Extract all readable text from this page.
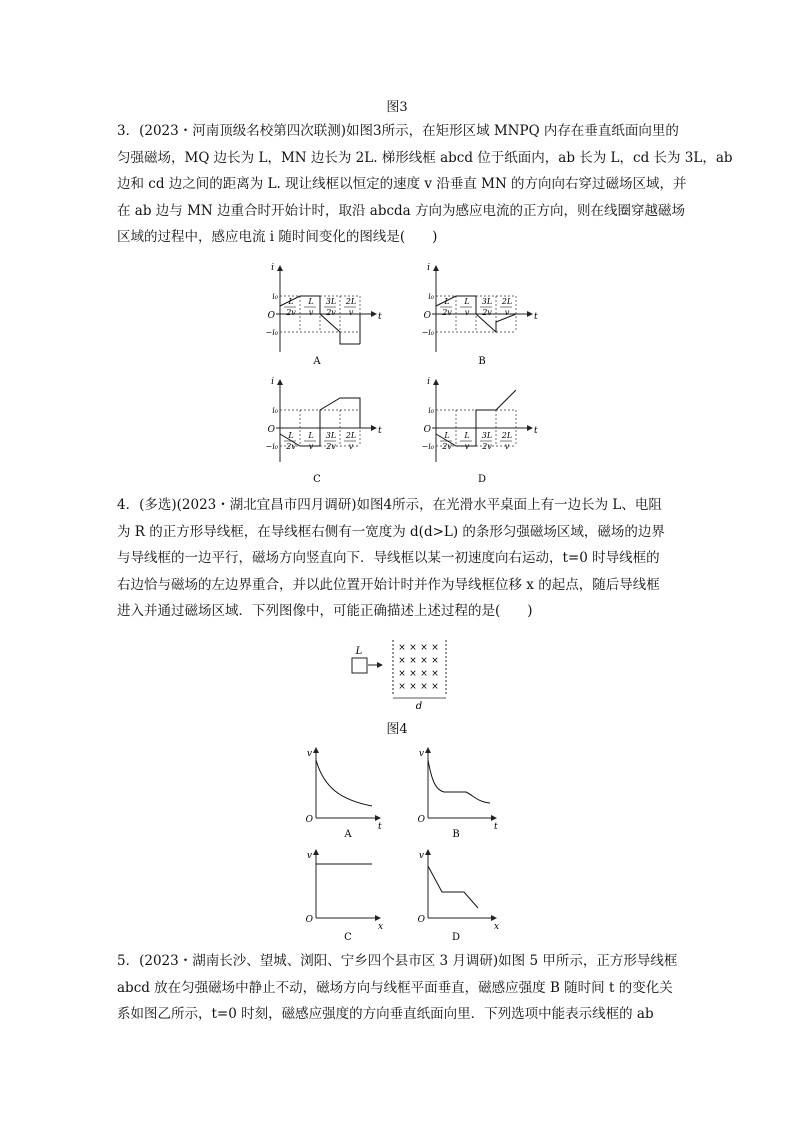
图3
3．(2023・河南顶级名校第四次联测)如图3所示，在矩形区域 MNPQ 内存在垂直纸面向里的
匀强磁场，MQ 边长为 L，MN 边长为 2L. 梯形线框 abcd 位于纸面内，ab 长为 L，cd 长为 3L，ab
边和 cd 边之间的距离为 L. 现让线框以恒定的速度 v 沿垂直 MN 的方向向右穿过磁场区域，并
在 ab 边与 MN 边重合时开始计时，取沿 abcda 方向为感应电流的正方向，则在线圈穿越磁场
区域的过程中，感应电流 i 随时间变化的图线是(　　)
i
t
O
i₀
−i₀
L
2v
L
v
3L
2v
2L
v
A
i
t
O
i₀
−i₀
L
2v
L
v
3L
2v
2L
v
B
i
t
O
i₀
−i₀
L
2v
L
v
3L
2v
2L
v
C
i
t
O
i₀
−i₀
L
2v
L
v
3L
2v
2L
v
D
4．(多选)(2023・湖北宜昌市四月调研)如图4所示，在光滑水平桌面上有一边长为 L、电阻
为 R 的正方形导线框，在导线框右侧有一宽度为 d(d>L) 的条形匀强磁场区域，磁场的边界
与导线框的一边平行，磁场方向竖直向下．导线框以某一初速度向右运动，t=0 时导线框的
右边恰与磁场的左边界重合，并以此位置开始计时并作为导线框位移 x 的起点，随后导线框
进入并通过磁场区域．下列图像中，可能正确描述上述过程的是(　　)
L	× × × ×
× × × ×
× × × ×
× × × ×
d
图4
v
t
O
A
v
t
O
B
v
x
O
C
v
x
O
D
5．(2023・湖南长沙、望城、浏阳、宁乡四个县市区 3 月调研)如图 5 甲所示，正方形导线框
abcd 放在匀强磁场中静止不动，磁场方向与线框平面垂直，磁感应强度 B 随时间 t 的变化关
系如图乙所示，t=0 时刻，磁感应强度的方向垂直纸面向里．下列选项中能表示线框的 ab
